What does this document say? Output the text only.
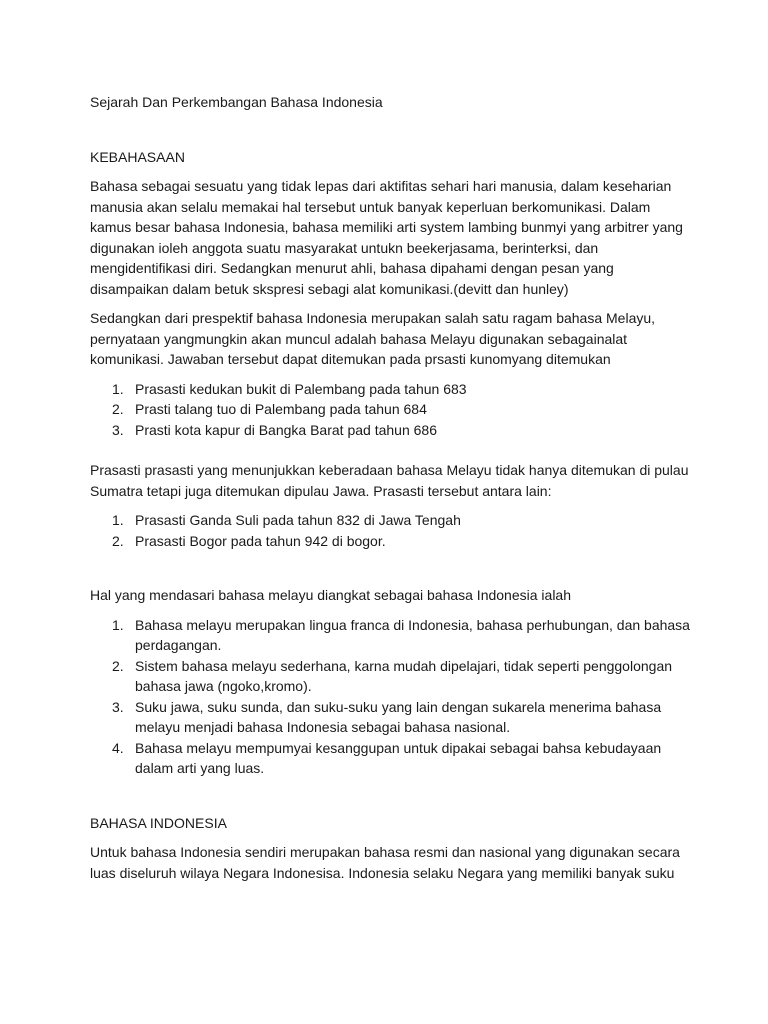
Sejarah Dan Perkembangan Bahasa Indonesia

KEBAHASAAN

Bahasa sebagai sesuatu yang tidak lepas dari aktifitas sehari hari manusia, dalam keseharian
manusia akan selalu memakai hal tersebut untuk banyak keperluan berkomunikasi. Dalam
kamus besar bahasa Indonesia, bahasa memiliki arti system lambing bunmyi yang arbitrer yang
digunakan ioleh anggota suatu masyarakat untukn beekerjasama, berinterksi, dan
mengidentifikasi diri. Sedangkan menurut ahli, bahasa dipahami dengan pesan yang
disampaikan dalam betuk skspresi sebagi alat komunikasi.(devitt dan hunley)

Sedangkan dari prespektif bahasa Indonesia merupakan salah satu ragam bahasa Melayu,
pernyataan yangmungkin akan muncul adalah bahasa Melayu digunakan sebagainalat
komunikasi. Jawaban tersebut dapat ditemukan pada prsasti kunomyang ditemukan

1. Prasasti kedukan bukit di Palembang pada tahun 683
2. Prasti talang tuo di Palembang pada tahun 684
3. Prasti kota kapur di Bangka Barat pad tahun 686

Prasasti prasasti yang menunjukkan keberadaan bahasa Melayu tidak hanya ditemukan di pulau
Sumatra tetapi juga ditemukan dipulau Jawa. Prasasti tersebut antara lain:

1. Prasasti Ganda Suli pada tahun 832 di Jawa Tengah
2. Prasasti Bogor pada tahun 942 di bogor.

Hal yang mendasari bahasa melayu diangkat sebagai bahasa Indonesia ialah

1. Bahasa melayu merupakan lingua franca di Indonesia, bahasa perhubungan, dan bahasa
perdagangan.
2. Sistem bahasa melayu sederhana, karna mudah dipelajari, tidak seperti penggolongan
bahasa jawa (ngoko,kromo).
3. Suku jawa, suku sunda, dan suku-suku yang lain dengan sukarela menerima bahasa
melayu menjadi bahasa Indonesia sebagai bahasa nasional.
4. Bahasa melayu mempumyai kesanggupan untuk dipakai sebagai bahsa kebudayaan
dalam arti yang luas.

BAHASA INDONESIA

Untuk bahasa Indonesia sendiri merupakan bahasa resmi dan nasional yang digunakan secara
luas diseluruh wilaya Negara Indonesisa. Indonesia selaku Negara yang memiliki banyak suku
